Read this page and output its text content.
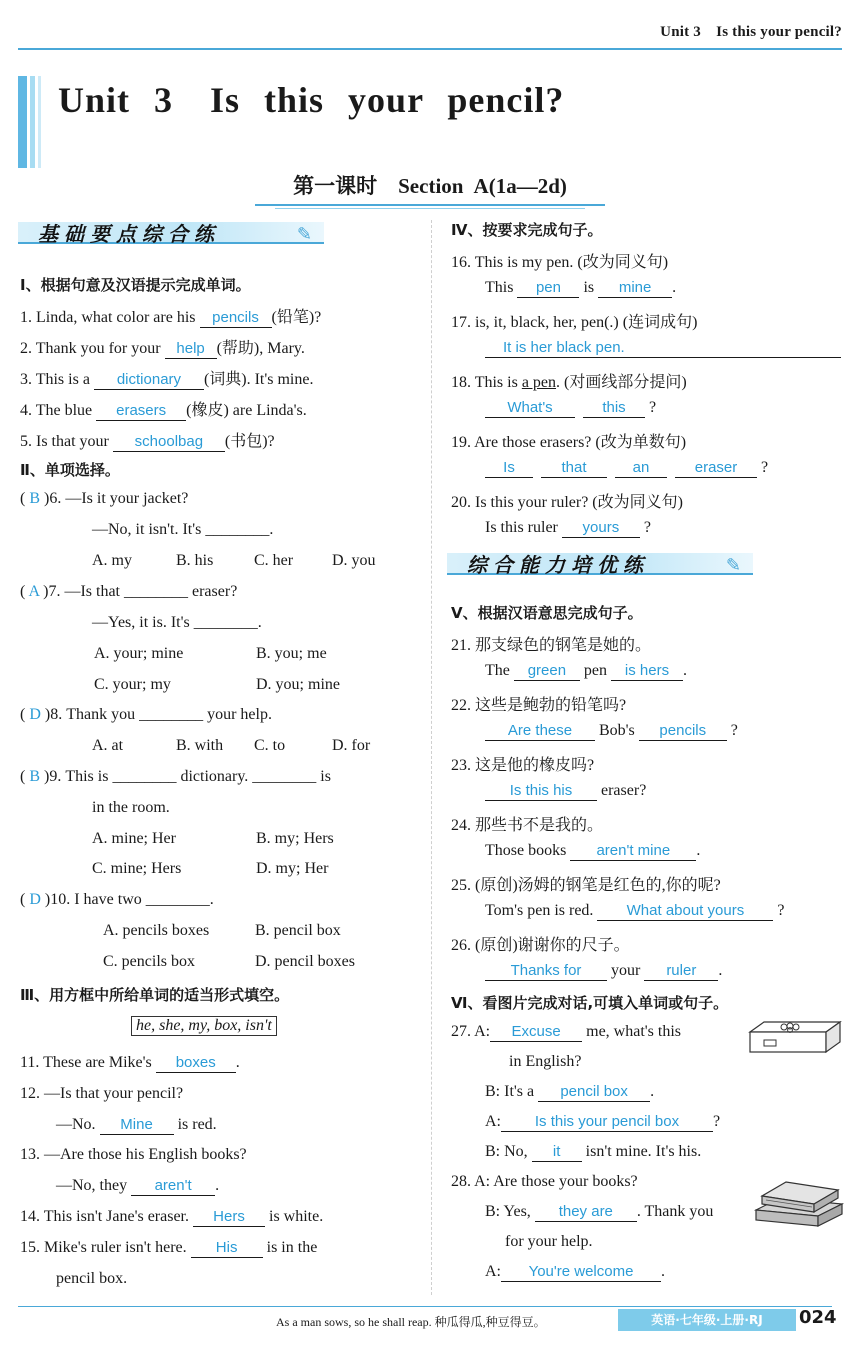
Unit 3　Is this your pencil?
Unit 3　Is this your pencil?
第一课时　Section A(1a—2d)
基础要点综合练	✎
综合能力培优练	✎
Ⅰ、根据句意及汉语提示完成单词。
1. Linda, what color are his pencils (铅笔)?
2. Thank you for your help (帮助), Mary.
3. This is a dictionary (词典). It's mine.
4. The blue erasers (橡皮) are Linda's.
5. Is that your schoolbag (书包)?
Ⅱ、单项选择。
( B )6. —Is it your jacket?
—No, it isn't. It's ________.
A. my	B. his	C. her D. you
( A )7. —Is that ________ eraser?
—Yes, it is. It's ________.
A. your; mine	B. you; me
C. your; my	D. you; mine
( D )8. Thank you ________ your help.
A. at	B. with C. to	D. for
( B )9. This is ________ dictionary. ________ is
in the room.
A. mine; Her	B. my; Hers
C. mine; Hers	D. my; Her
( D )10. I have two ________.
A. pencils boxes	B. pencil box
C. pencils box	D. pencil boxes
Ⅲ、用方框中所给单词的适当形式填空。
he, she, my, box, isn't
11. These are Mike's boxes .
12. —Is that your pencil?
—No. Mine is red.
13. —Are those his English books?
—No, they aren't .
14. This isn't Jane's eraser. Hers is white.
15. Mike's ruler isn't here. His is in the
pencil box.
Ⅳ、按要求完成句子。
16. This is my pen. (改为同义句)
This pen is mine .
17. is, it, black, her, pen(.) (连词成句)
It is her black pen.
18. This is a pen. (对画线部分提问)
What's	this ?
19. Are those erasers? (改为单数句)
Is	that	an	eraser ?
20. Is this your ruler? (改为同义句)
Is this ruler yours ?
Ⅴ、根据汉语意思完成句子。
21. 那支绿色的钢笔是她的。
The green pen is hers .
22. 这些是鲍勃的铅笔吗?
Are these Bob's pencils ?
23. 这是他的橡皮吗?
Is this his eraser?
24. 那些书不是我的。
Those books aren't mine .
25. (原创)汤姆的钢笔是红色的,你的呢?
Tom's pen is red. What about yours ?
26. (原创)谢谢你的尺子。
Thanks for your ruler .
Ⅵ、看图片完成对话,可填入单词或句子。
27. A: Excuse me, what's this
in English?
B: It's a pencil box .
A: Is this your pencil box ?
B: No, it isn't mine. It's his.
28. A: Are those your books?
B: Yes, they are . Thank you
for your help.
A: You're welcome .
As a man sows, so he shall reap. 种瓜得瓜,种豆得豆。	英语·七年级·上册·RJ	024
